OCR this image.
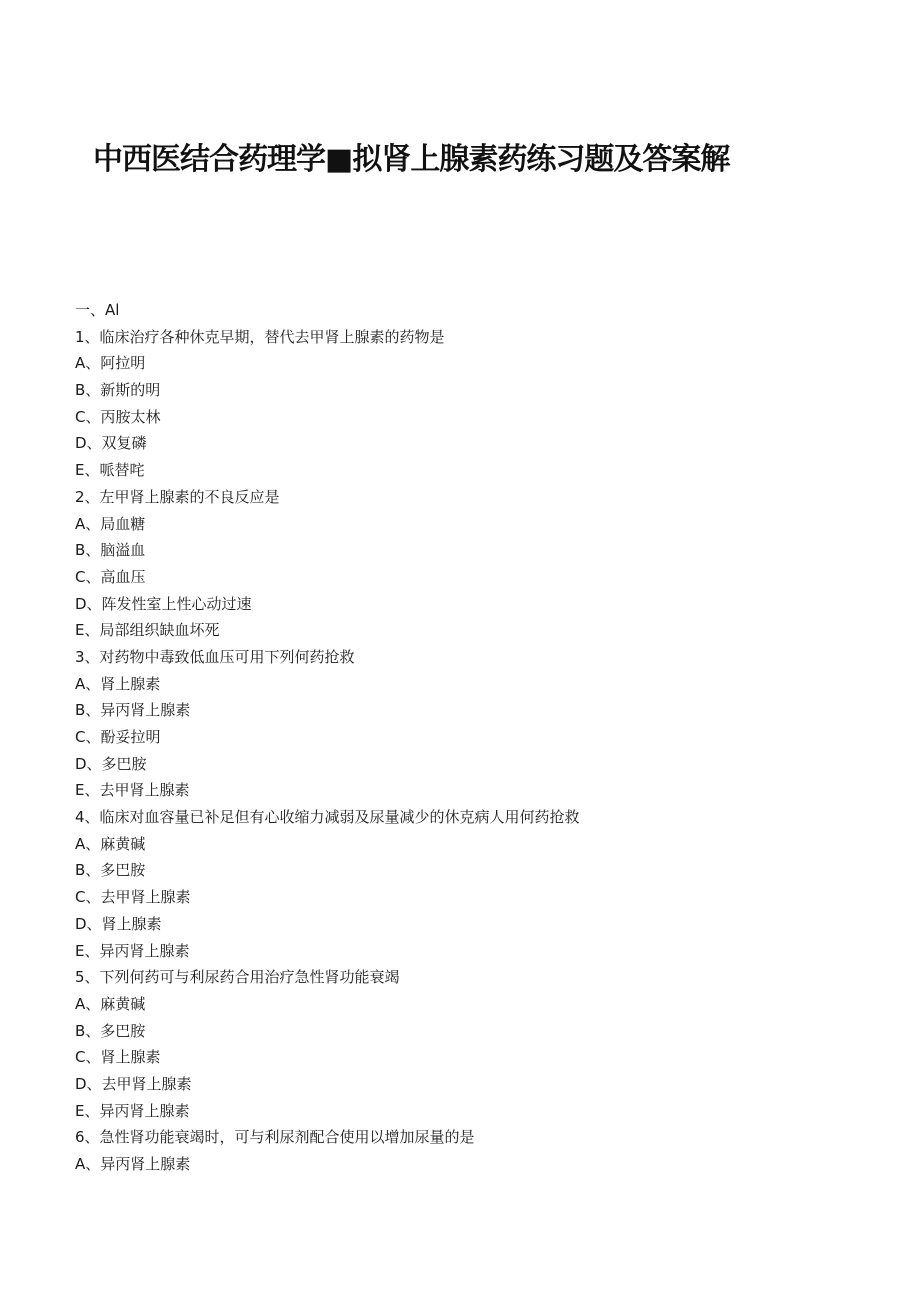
中西医结合药理学■拟肾上腺素药练习题及答案解
一、Al
1、临床治疗各种休克早期，替代去甲肾上腺素的药物是
A、阿拉明
B、新斯的明
C、丙胺太林
D、双复磷
E、哌替咤
2、左甲肾上腺素的不良反应是
A、局血糖
B、脑溢血
C、高血压
D、阵发性室上性心动过速
E、局部组织缺血坏死
3、对药物中毒致低血压可用下列何药抢救
A、肾上腺素
B、异丙肾上腺素
C、酚妥拉明
D、多巴胺
E、去甲肾上腺素
4、临床对血容量已补足但有心收缩力减弱及尿量减少的休克病人用何药抢救
A、麻黄碱
B、多巴胺
C、去甲肾上腺素
D、肾上腺素
E、异丙肾上腺素
5、下列何药可与利尿药合用治疗急性肾功能衰竭
A、麻黄碱
B、多巴胺
C、肾上腺素
D、去甲肾上腺素
E、异丙肾上腺素
6、急性肾功能衰竭时，可与利尿剂配合使用以增加尿量的是
A、异丙肾上腺素
